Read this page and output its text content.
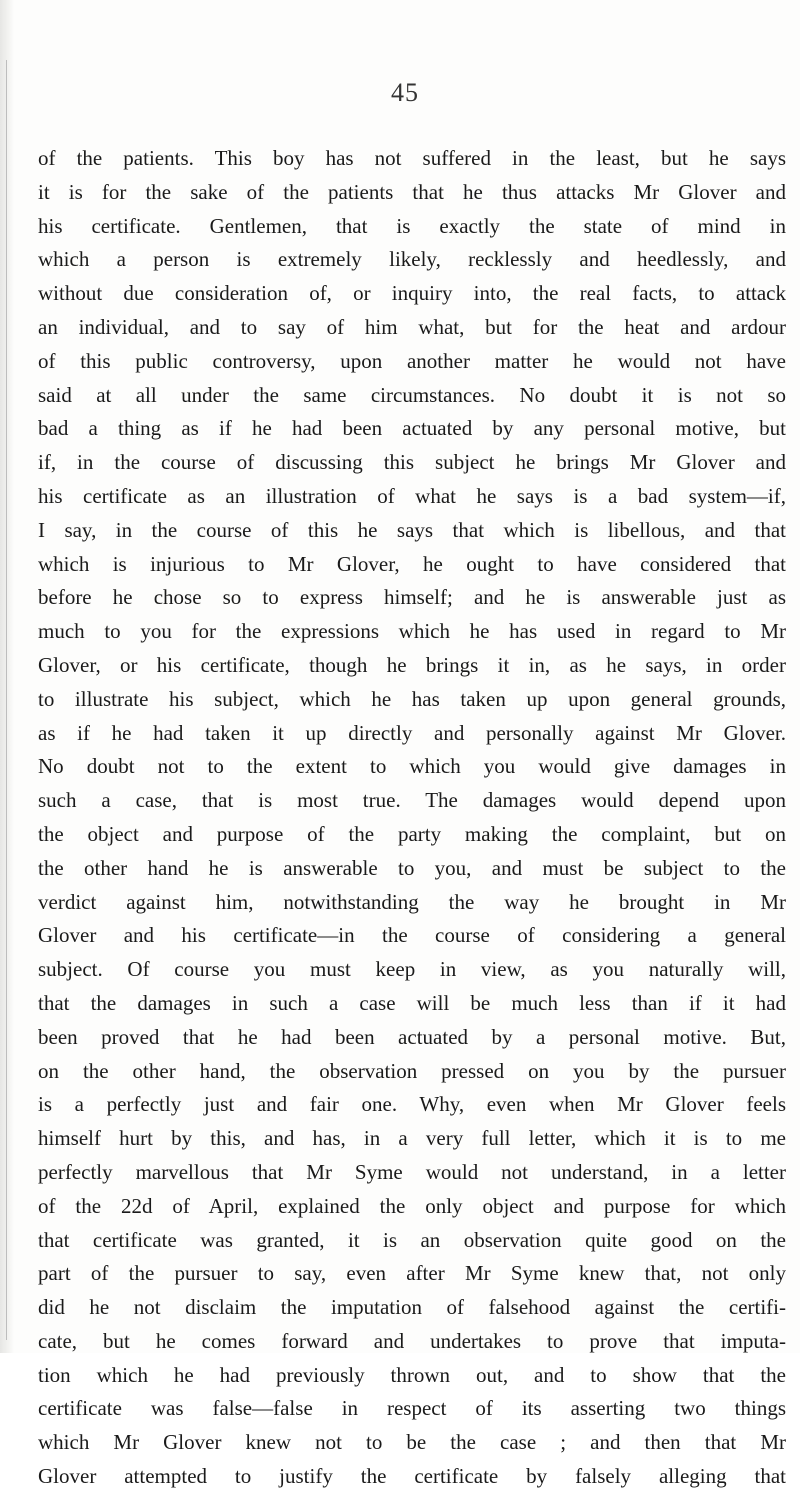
45
of the patients. This boy has not suffered in the least, but he says
it is for the sake of the patients that he thus attacks Mr Glover and
his certificate. Gentlemen, that is exactly the state of mind in
which a person is extremely likely, recklessly and heedlessly, and
without due consideration of, or inquiry into, the real facts, to attack
an individual, and to say of him what, but for the heat and ardour
of this public controversy, upon another matter he would not have
said at all under the same circumstances. No doubt it is not so
bad a thing as if he had been actuated by any personal motive, but
if, in the course of discussing this subject he brings Mr Glover and
his certificate as an illustration of what he says is a bad system—if,
I say, in the course of this he says that which is libellous, and that
which is injurious to Mr Glover, he ought to have considered that
before he chose so to express himself; and he is answerable just as
much to you for the expressions which he has used in regard to Mr
Glover, or his certificate, though he brings it in, as he says, in order
to illustrate his subject, which he has taken up upon general grounds,
as if he had taken it up directly and personally against Mr Glover.
No doubt not to the extent to which you would give damages in
such a case, that is most true. The damages would depend upon
the object and purpose of the party making the complaint, but on
the other hand he is answerable to you, and must be subject to the
verdict against him, notwithstanding the way he brought in Mr
Glover and his certificate—in the course of considering a general
subject. Of course you must keep in view, as you naturally will,
that the damages in such a case will be much less than if it had
been proved that he had been actuated by a personal motive. But,
on the other hand, the observation pressed on you by the pursuer
is a perfectly just and fair one. Why, even when Mr Glover feels
himself hurt by this, and has, in a very full letter, which it is to me
perfectly marvellous that Mr Syme would not understand, in a letter
of the 22d of April, explained the only object and purpose for which
that certificate was granted, it is an observation quite good on the
part of the pursuer to say, even after Mr Syme knew that, not only
did he not disclaim the imputation of falsehood against the certifi-
cate, but he comes forward and undertakes to prove that imputa-
tion which he had previously thrown out, and to show that the
certificate was false—false in respect of its asserting two things
which Mr Glover knew not to be the case ; and then that Mr
Glover attempted to justify the certificate by falsely alleging that
